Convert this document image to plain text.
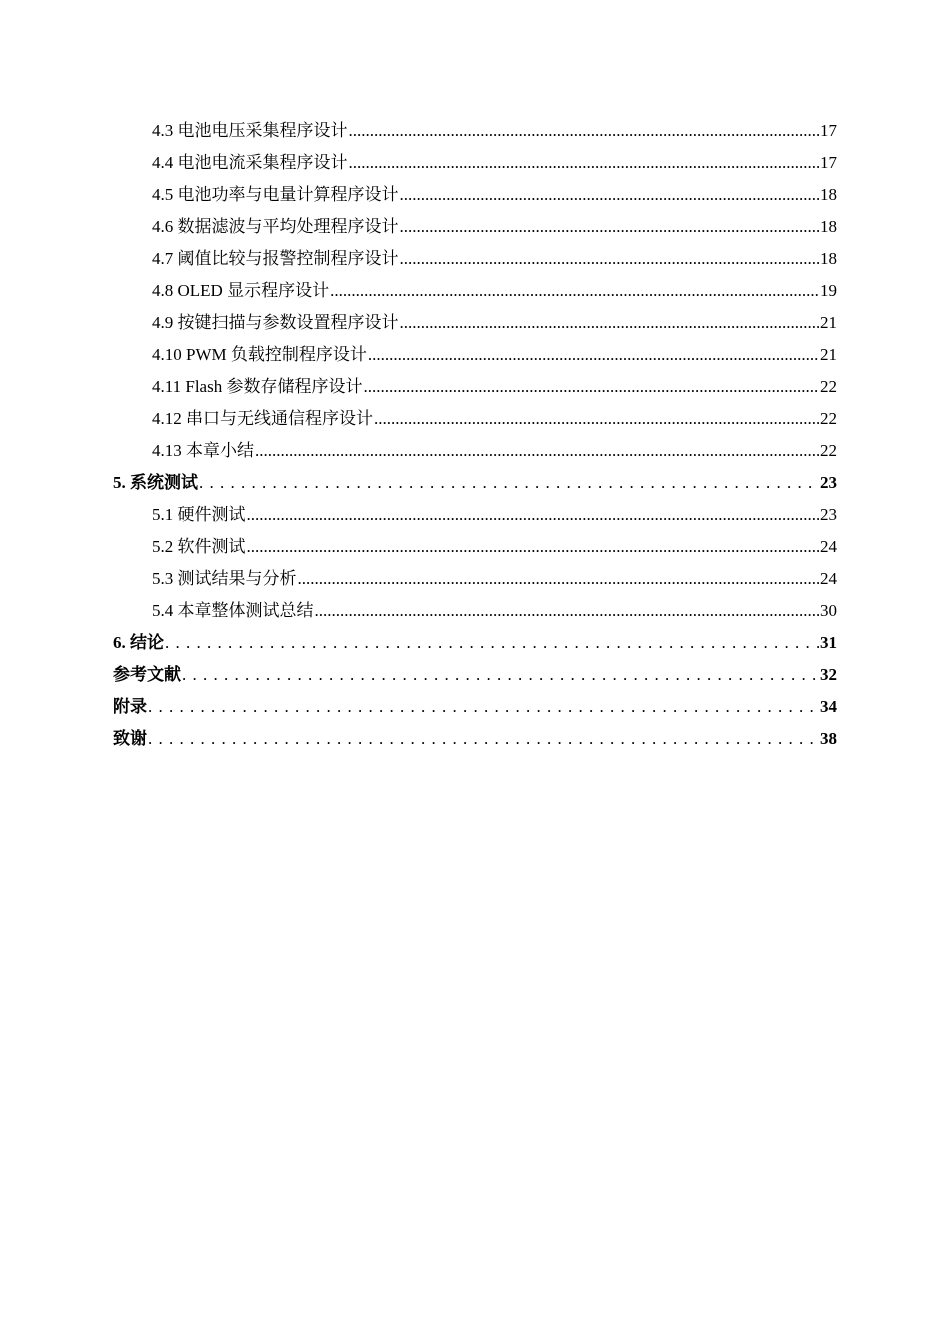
4.3 电池电压采集程序设计 .....	17
4.4 电池电流采集程序设计 .....	17
4.5 电池功率与电量计算程序设计 .....	18
4.6 数据滤波与平均处理程序设计 .....	18
4.7 阈值比较与报警控制程序设计 .....	18
4.8 OLED 显示程序设计 .....	19
4.9 按键扫描与参数设置程序设计 .....	21
4.10 PWM 负载控制程序设计 .....	21
4.11 Flash 参数存储程序设计 .....	22
4.12 串口与无线通信程序设计 .....	22
4.13 本章小结 .....	22
5. 系统测试 . . .	23
5.1 硬件测试 .....	23
5.2 软件测试 .....	24
5.3 测试结果与分析 .....	24
5.4 本章整体测试总结 .....	30
6. 结论 . . .	31
参考文献 . . .	32
附录 . . .	34
致谢 . . .	38
